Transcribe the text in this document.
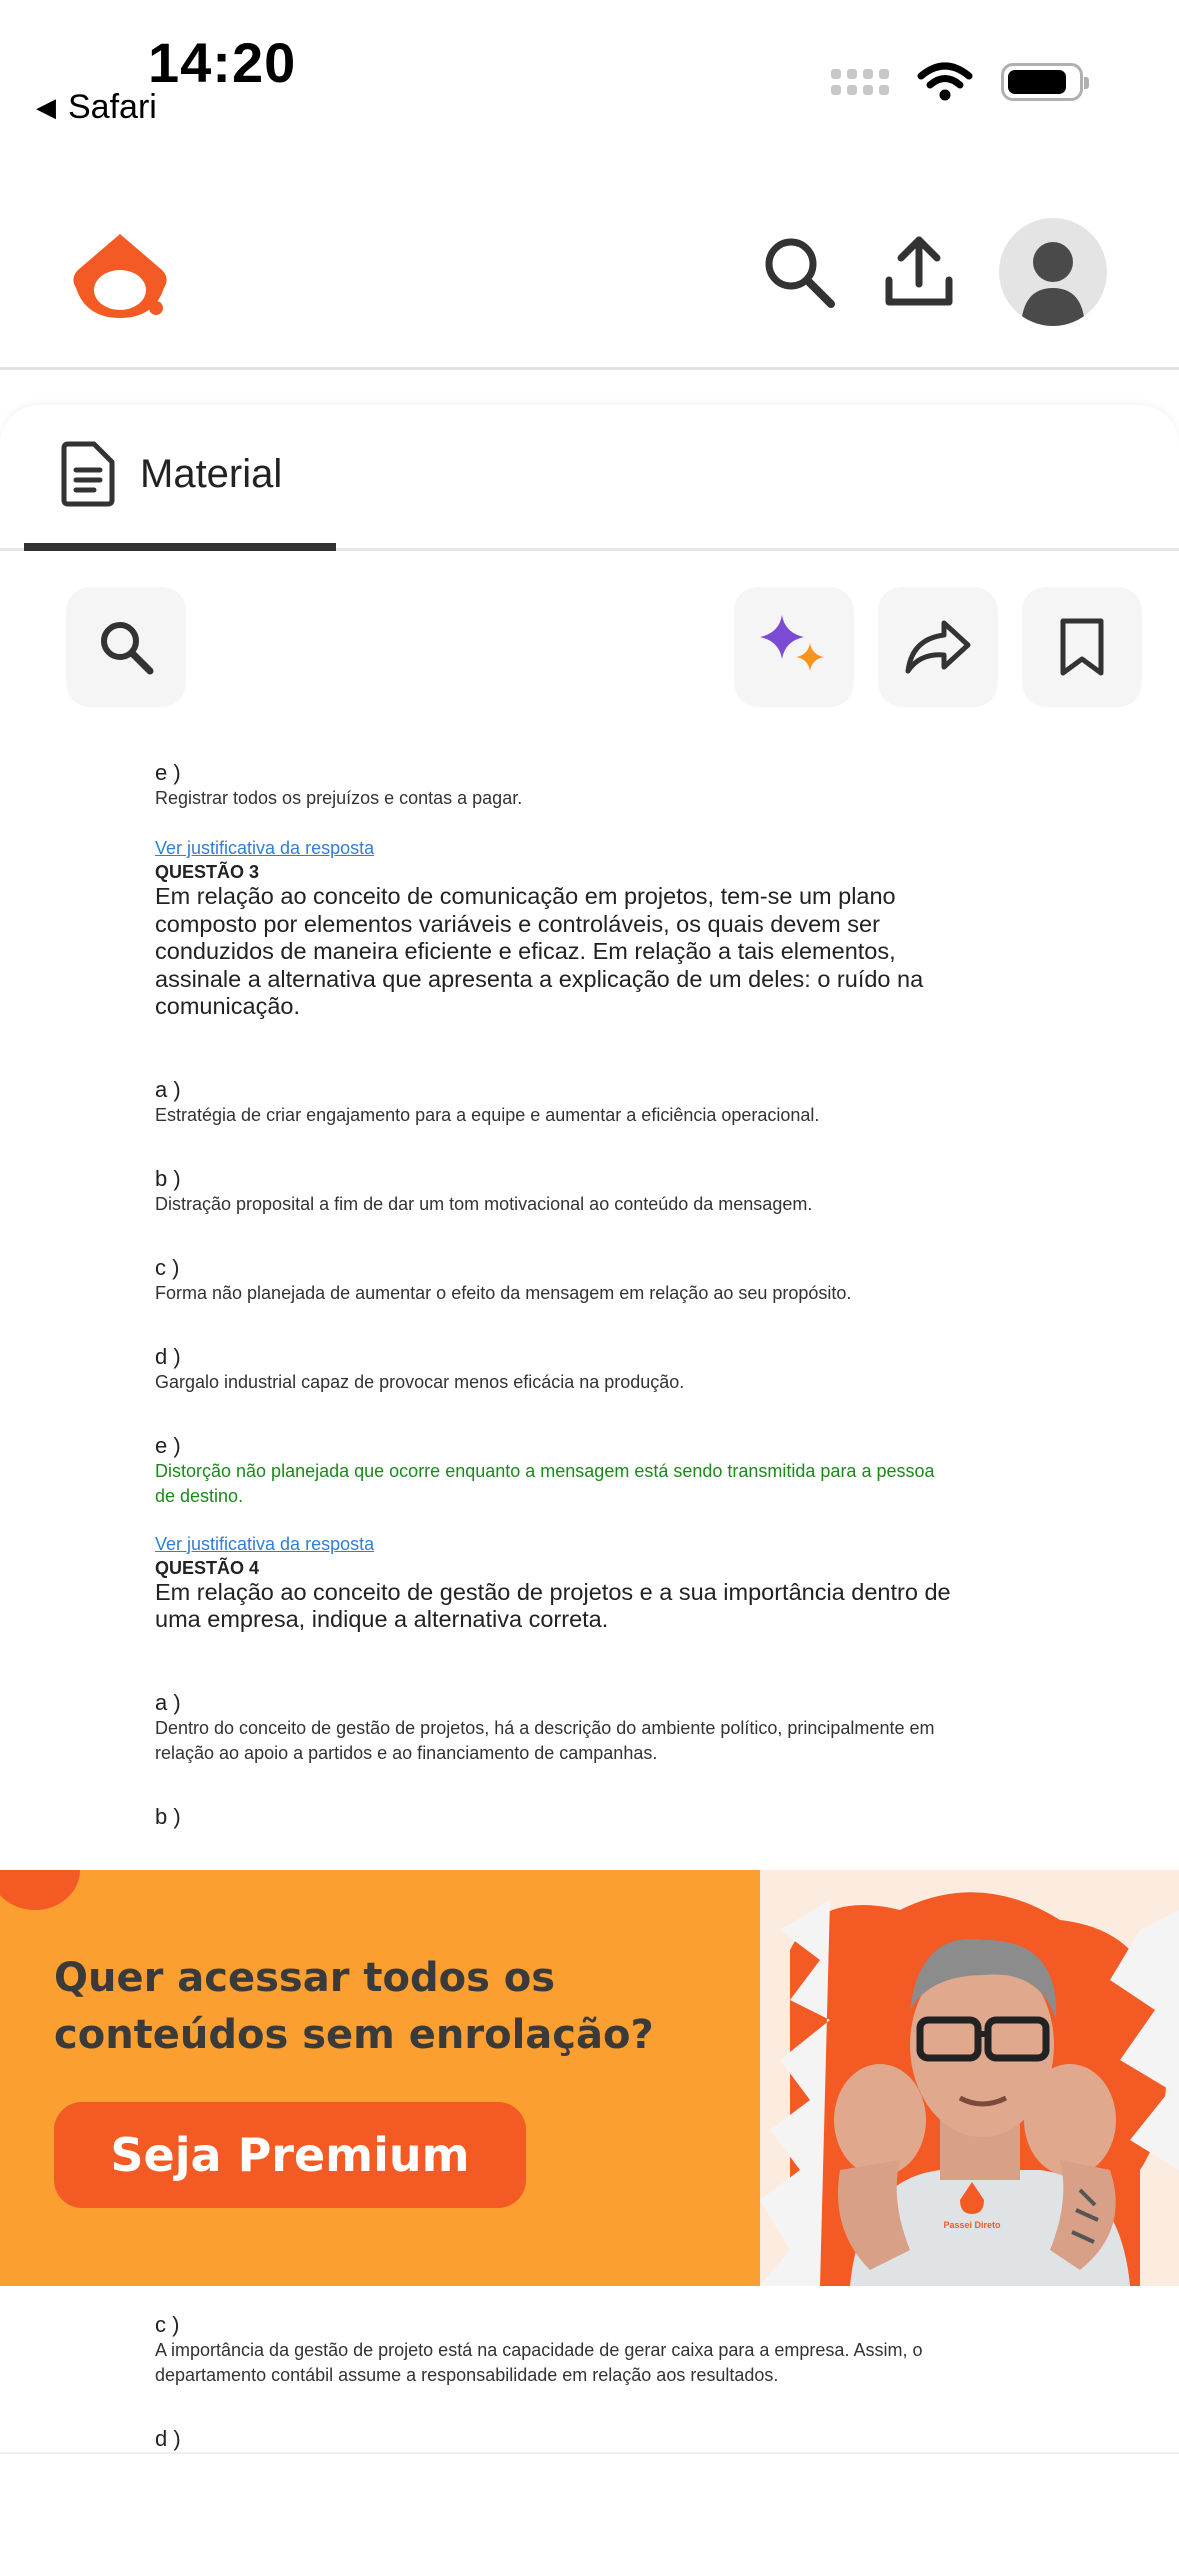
14:20
◀ Safari
Material
e )
Registrar todos os prejuízos e contas a pagar.
Ver justificativa da resposta
QUESTÃO 3
Em relação ao conceito de comunicação em projetos, tem-se um plano composto por elementos variáveis e controláveis, os quais devem ser conduzidos de maneira eficiente e eficaz. Em relação a tais elementos, assinale a alternativa que apresenta a explicação de um deles: o ruído na comunicação.
a )
Estratégia de criar engajamento para a equipe e aumentar a eficiência operacional.
b )
Distração proposital a fim de dar um tom motivacional ao conteúdo da mensagem.
c )
Forma não planejada de aumentar o efeito da mensagem em relação ao seu propósito.
d )
Gargalo industrial capaz de provocar menos eficácia na produção.
e )
Distorção não planejada que ocorre enquanto a mensagem está sendo transmitida para a pessoa de destino.
Ver justificativa da resposta
QUESTÃO 4
Em relação ao conceito de gestão de projetos e a sua importância dentro de uma empresa, indique a alternativa correta.
a )
Dentro do conceito de gestão de projetos, há a descrição do ambiente político, principalmente em relação ao apoio a partidos e ao financiamento de campanhas.
b )
Quer acessar todos os conteúdos sem enrolação?
Seja Premium
Passei Direto
c )
A importância da gestão de projeto está na capacidade de gerar caixa para a empresa. Assim, o departamento contábil assume a responsabilidade em relação aos resultados.
d )
